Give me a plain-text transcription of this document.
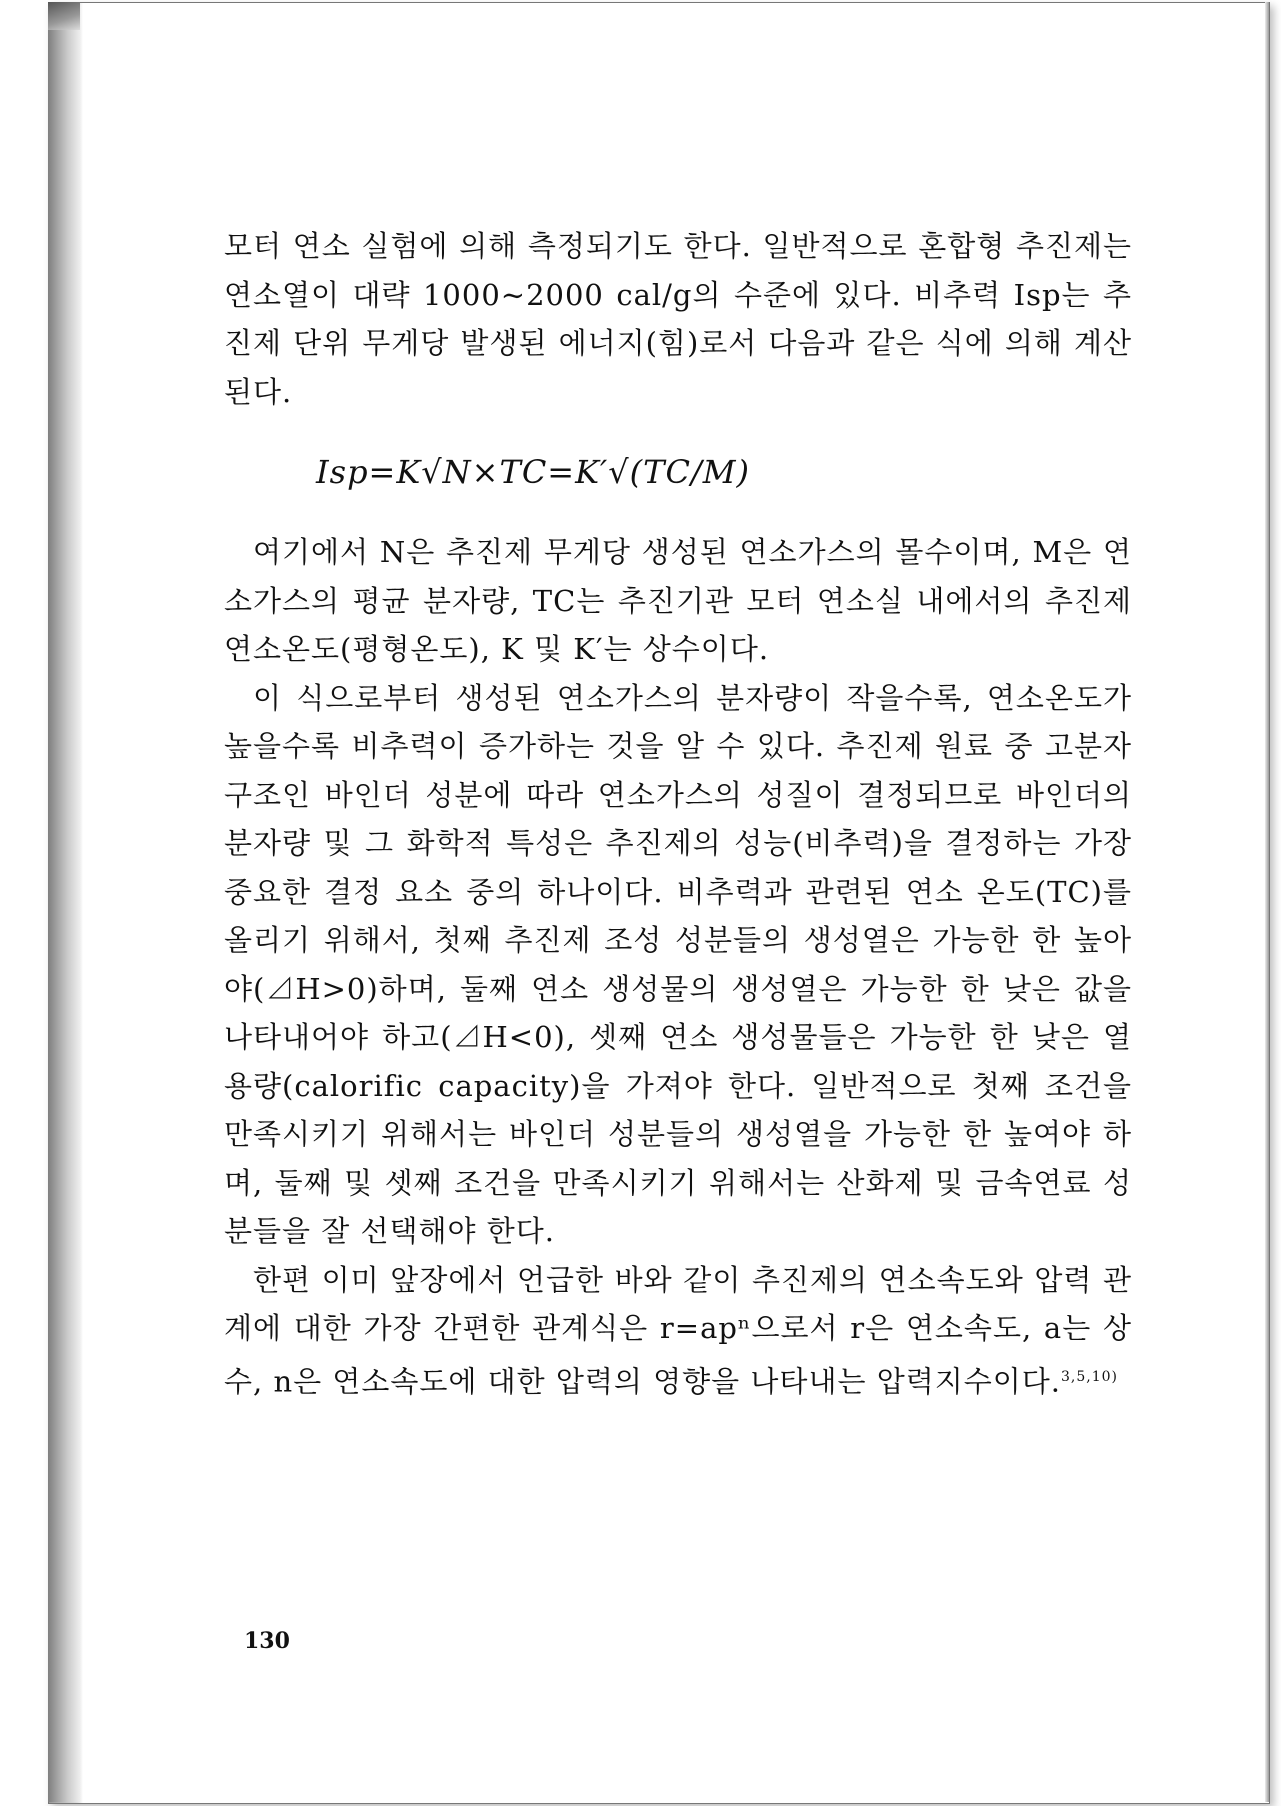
모터 연소 실험에 의해 측정되기도 한다. 일반적으로 혼합형 추진제는 연소열이 대략 1000∼2000 cal/g의 수준에 있다. 비추력 Isp는 추진제 단위 무게당 발생된 에너지(힘)로서 다음과 같은 식에 의해 계산된다.

Isp=K√N×TC=K′√(TC/M)

여기에서 N은 추진제 무게당 생성된 연소가스의 몰수이며, M은 연소가스의 평균 분자량, TC는 추진기관 모터 연소실 내에서의 추진제 연소온도(평형온도), K 및 K′는 상수이다.

이 식으로부터 생성된 연소가스의 분자량이 작을수록, 연소온도가 높을수록 비추력이 증가하는 것을 알 수 있다. 추진제 원료 중 고분자 구조인 바인더 성분에 따라 연소가스의 성질이 결정되므로 바인더의 분자량 및 그 화학적 특성은 추진제의 성능(비추력)을 결정하는 가장 중요한 결정 요소 중의 하나이다. 비추력과 관련된 연소 온도(TC)를 올리기 위해서, 첫째 추진제 조성 성분들의 생성열은 가능한 한 높아야(⊿H>0)하며, 둘째 연소 생성물의 생성열은 가능한 한 낮은 값을 나타내어야 하고(⊿H<0), 셋째 연소 생성물들은 가능한 한 낮은 열용량(calorific capacity)을 가져야 한다. 일반적으로 첫째 조건을 만족시키기 위해서는 바인더 성분들의 생성열을 가능한 한 높여야 하며, 둘째 및 셋째 조건을 만족시키기 위해서는 산화제 및 금속연료 성분들을 잘 선택해야 한다.

한편 이미 앞장에서 언급한 바와 같이 추진제의 연소속도와 압력 관계에 대한 가장 간편한 관계식은 r=apⁿ으로서 r은 연소속도, a는 상수, n은 연소속도에 대한 압력의 영향을 나타내는 압력지수이다.$^{3,5,10)}$

130
